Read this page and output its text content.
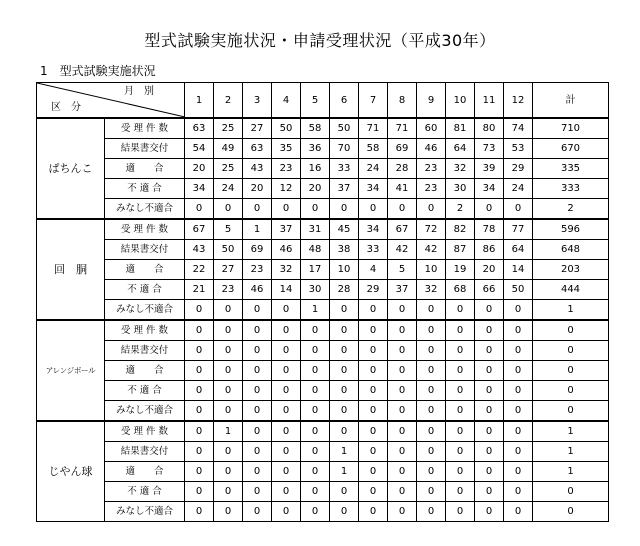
型式試験実施状況・申請受理状況（平成30年）
1　型式試験実施状況
月　別
区　分		1	2	3	4	5	6	7	8	9	10	11	12	計
ぱちんこ	受 理 件 数	63	25	27	50	58	50	71	71	60	81	80	74	710
	結果書交付	54	49	63	35	36	70	58	69	46	64	73	53	670
	適　　合	20	25	43	23	16	33	24	28	23	32	39	29	335
	不 適 合	34	24	20	12	20	37	34	41	23	30	34	24	333
	みなし不適合	0	0	0	0	0	0	0	0	0	2	0	0	2
回　胴	受 理 件 数	67	5	1	37	31	45	34	67	72	82	78	77	596
	結果書交付	43	50	69	46	48	38	33	42	42	87	86	64	648
	適　　合	22	27	23	32	17	10	4	5	10	19	20	14	203
	不 適 合	21	23	46	14	30	28	29	37	32	68	66	50	444
	みなし不適合	0	0	0	0	1	0	0	0	0	0	0	0	1
アレンジボール	受 理 件 数	0	0	0	0	0	0	0	0	0	0	0	0	0
	結果書交付	0	0	0	0	0	0	0	0	0	0	0	0	0
	適　　合	0	0	0	0	0	0	0	0	0	0	0	0	0
	不 適 合	0	0	0	0	0	0	0	0	0	0	0	0	0
	みなし不適合	0	0	0	0	0	0	0	0	0	0	0	0	0
じやん球	受 理 件 数	0	1	0	0	0	0	0	0	0	0	0	0	1
	結果書交付	0	0	0	0	0	1	0	0	0	0	0	0	1
	適　　合	0	0	0	0	0	1	0	0	0	0	0	0	1
	不 適 合	0	0	0	0	0	0	0	0	0	0	0	0	0
	みなし不適合	0	0	0	0	0	0	0	0	0	0	0	0	0
